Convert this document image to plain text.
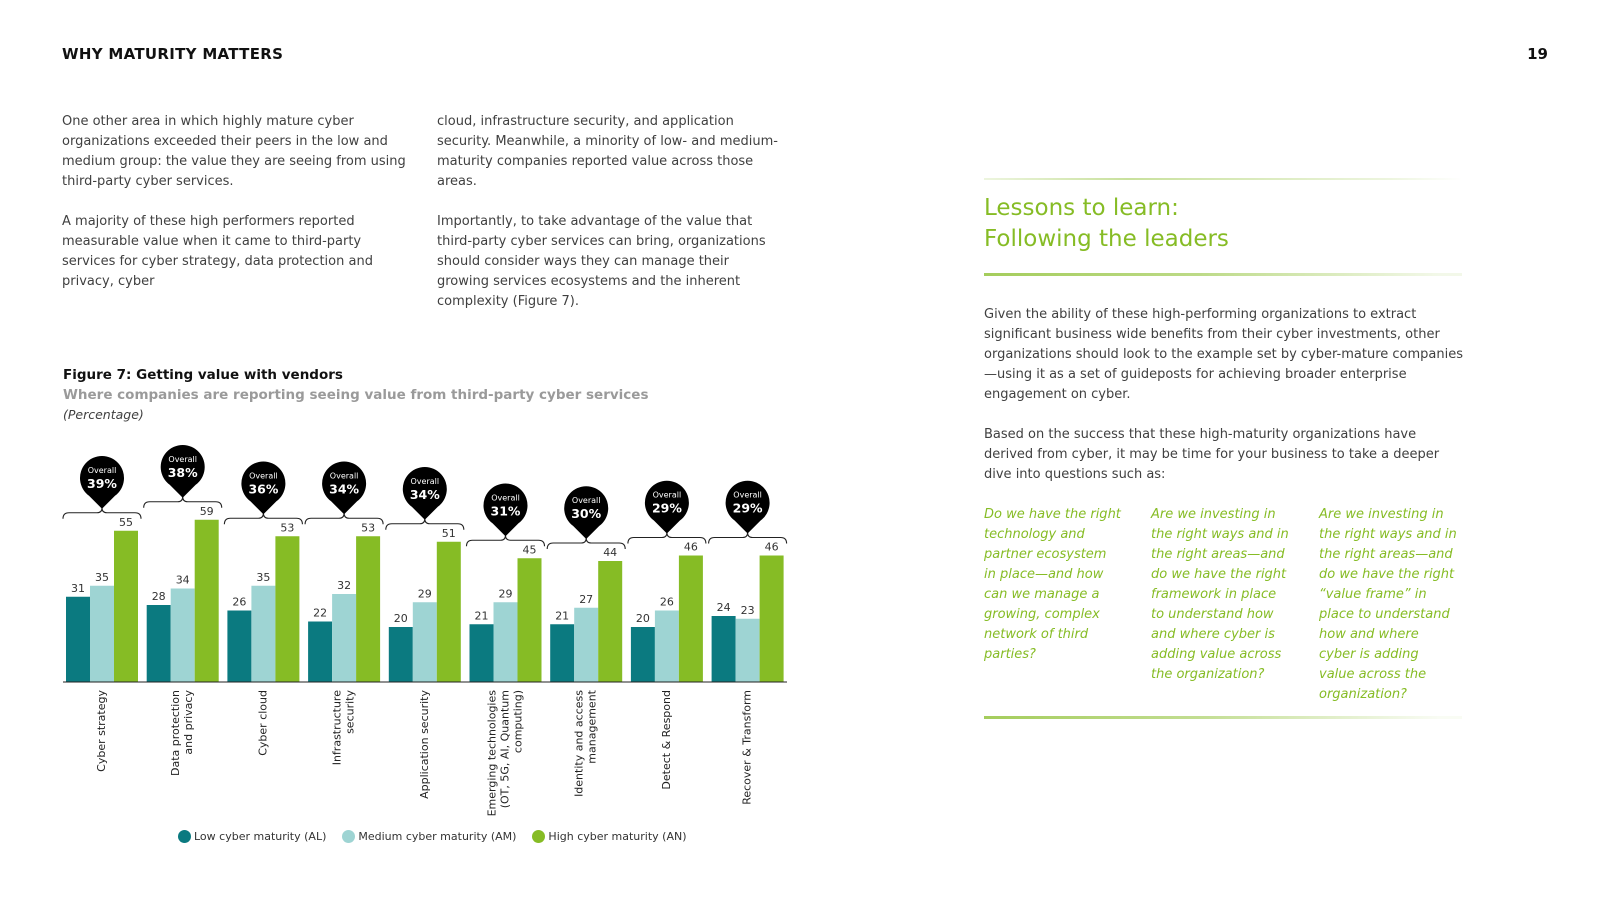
WHY MATURITY MATTERS	19

One other area in which highly mature cyber organizations exceeded their peers in the low and medium group: the value they are seeing from using third-party cyber services.

A majority of these high performers reported measurable value when it came to third-party services for cyber strategy, data protection and privacy, cyber

cloud, infrastructure security, and application security. Meanwhile, a minority of low- and medium-maturity companies reported value across those areas.

Importantly, to take advantage of the value that third-party cyber services can bring, organizations should consider ways they can manage their growing services ecosystems and the inherent complexity (Figure 7).

Figure 7: Getting value with vendors
Where companies are reporting seeing value from third-party cyber services
(Percentage)
31
35
55
Overall
39%
Cyber strategy
28
34
59
Overall
38%
Data protection and privacy
26
35
53
Overall
36%
Cyber cloud
22
32
53
Overall
34%
Infrastructure security
20
29
51
Overall
34%
Application security
21
29
45
Overall
31%
Emerging technologies (OT, 5G, AI, Quantum computing)
21
27
44
Overall
30%
Identity and access management
20
26
46
Overall
29%
Detect & Respond
24 23
46
Overall
29%
Recover & Transform
Low cyber maturity (AL)	Medium cyber maturity (AM)	High cyber maturity (AN)
Lessons to learn:
Following the leaders

Given the ability of these high-performing organizations to extract significant business wide benefits from their cyber investments, other organizations should look to the example set by cyber-mature companies—using it as a set of guideposts for achieving broader enterprise engagement on cyber.

Based on the success that these high-maturity organizations have derived from cyber, it may be time for your business to take a deeper dive into questions such as:

Do we have the right technology and partner ecosystem in place—and how can we manage a growing, complex network of third parties?
Are we investing in the right ways and in the right areas—and do we have the right framework in place to understand how and where cyber is adding value across the organization?
Are we investing in the right ways and in the right areas—and do we have the right “value frame” in place to understand how and where cyber is adding value across the organization?
